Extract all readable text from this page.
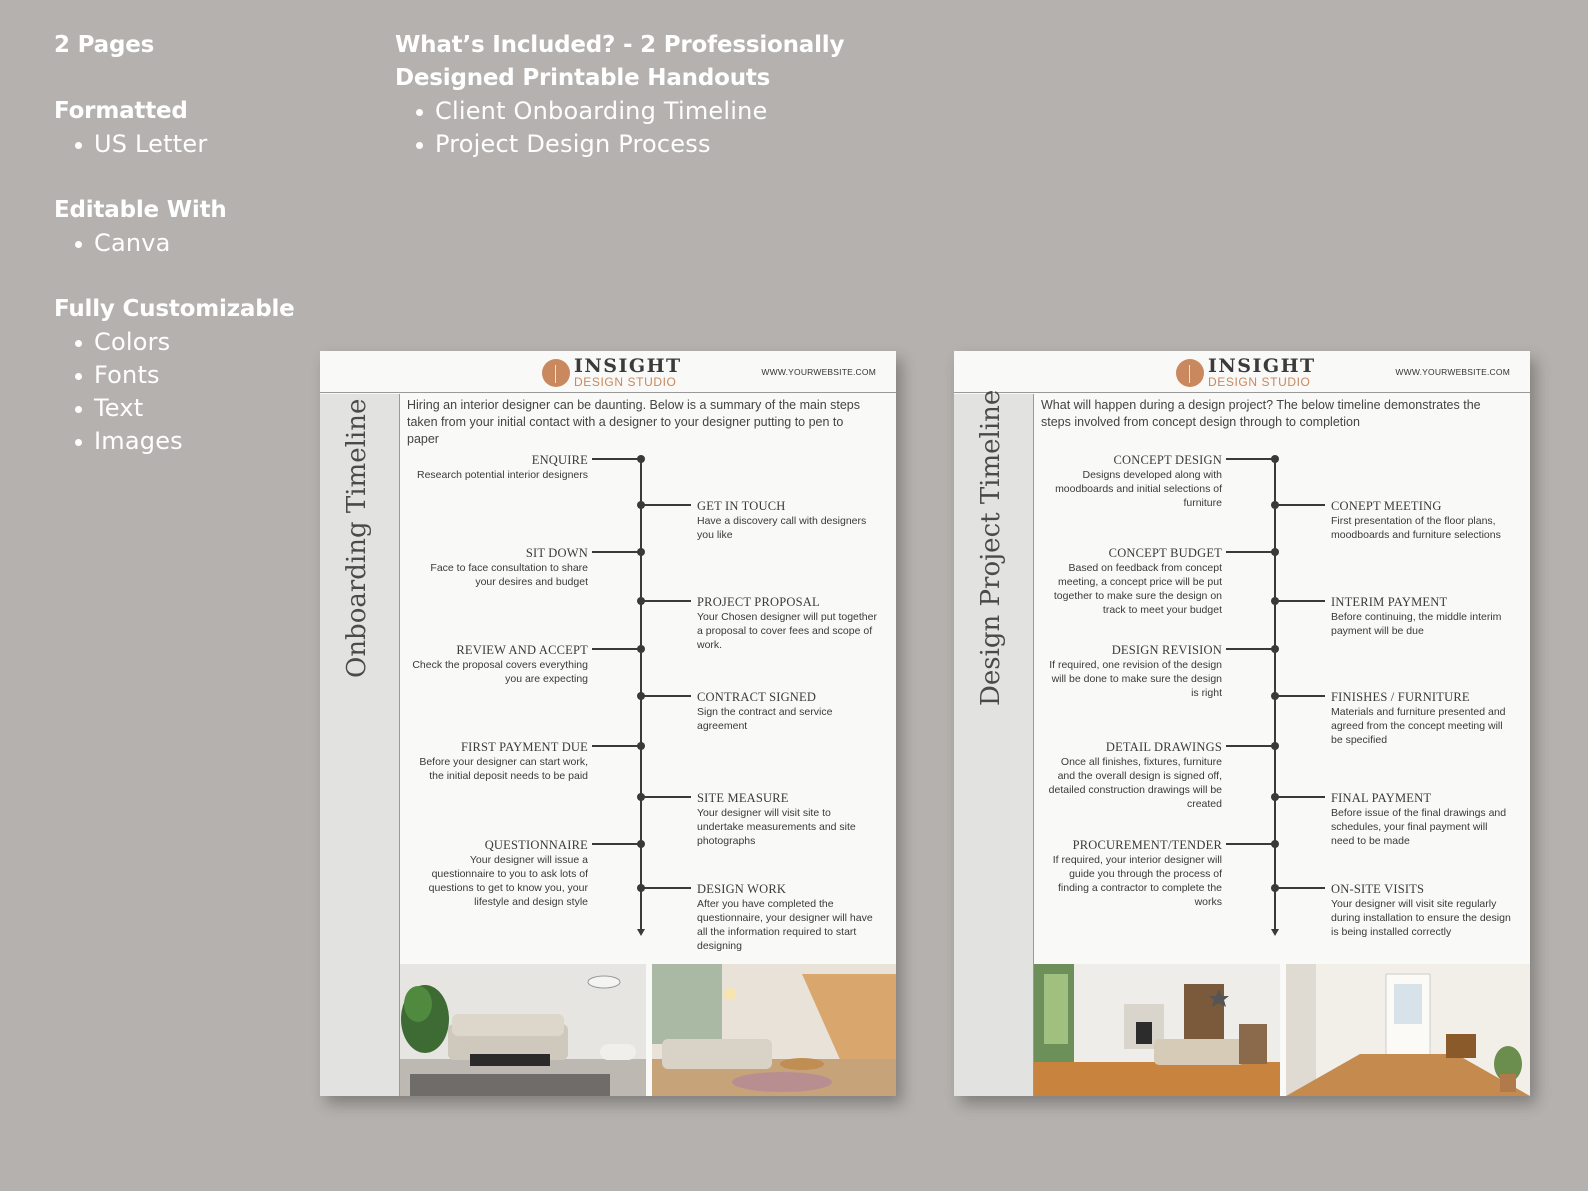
2 Pages
Formatted
US Letter
Editable With
Canva
Fully Customizable
Colors
Fonts
Text
Images
What’s Included? - 2 Professionally
Designed Printable Handouts
Client Onboarding Timeline
Project Design Process
INSIGHT
DESIGN STUDIO
WWW.YOURWEBSITE.COM
Onboarding Timeline	Hiring an interior designer can be daunting. Below is a summary of the main steps taken from your initial contact with a designer to your designer putting to pen to paper
ENQUIRE
Research potential interior designers
GET IN TOUCH
Have a discovery call with designers you like
SIT DOWN
Face to face consultation to share your desires and budget
PROJECT PROPOSAL
Your Chosen designer will put together a proposal to cover fees and scope of work.
REVIEW AND ACCEPT
Check the proposal covers everything you are expecting
CONTRACT SIGNED
Sign the contract and service agreement
FIRST PAYMENT DUE
Before your designer can start work, the initial deposit needs to be paid
SITE MEASURE
Your designer will visit site to undertake measurements and site photographs
QUESTIONNAIRE
Your designer will issue a questionnaire to you to ask lots of questions to get to know you, your lifestyle and design style
DESIGN WORK
After you have completed the questionnaire, your designer will have all the information required to start designing
INSIGHT
DESIGN STUDIO
WWW.YOURWEBSITE.COM
Design Project Timeline	What will happen during a design project? The below timeline demonstrates the steps involved from concept design through to completion
CONCEPT DESIGN
Designs developed along with moodboards and initial selections of furniture	CONEPT MEETING
First presentation of the floor plans, moodboards and furniture selections
CONCEPT BUDGET
Based on feedback from concept meeting, a concept price will be put together to make sure the design on track to meet your budget
INTERIM PAYMENT
Before continuing, the middle interim payment will be due
DESIGN REVISION
If required, one revision of the design will be done to make sure the design is right	FINISHES / FURNITURE
Materials and furniture presented and agreed from the concept meeting will be specified
DETAIL DRAWINGS
Once all finishes, fixtures, furniture and the overall design is signed off, detailed construction drawings will be created	FINAL PAYMENT
Before issue of the final drawings and schedules, your final payment will need to be made
PROCUREMENT/TENDER
If required, your interior designer will guide you through the process of finding a contractor to complete the works
ON-SITE VISITS
Your designer will visit site regularly during installation to ensure the design is being installed correctly
